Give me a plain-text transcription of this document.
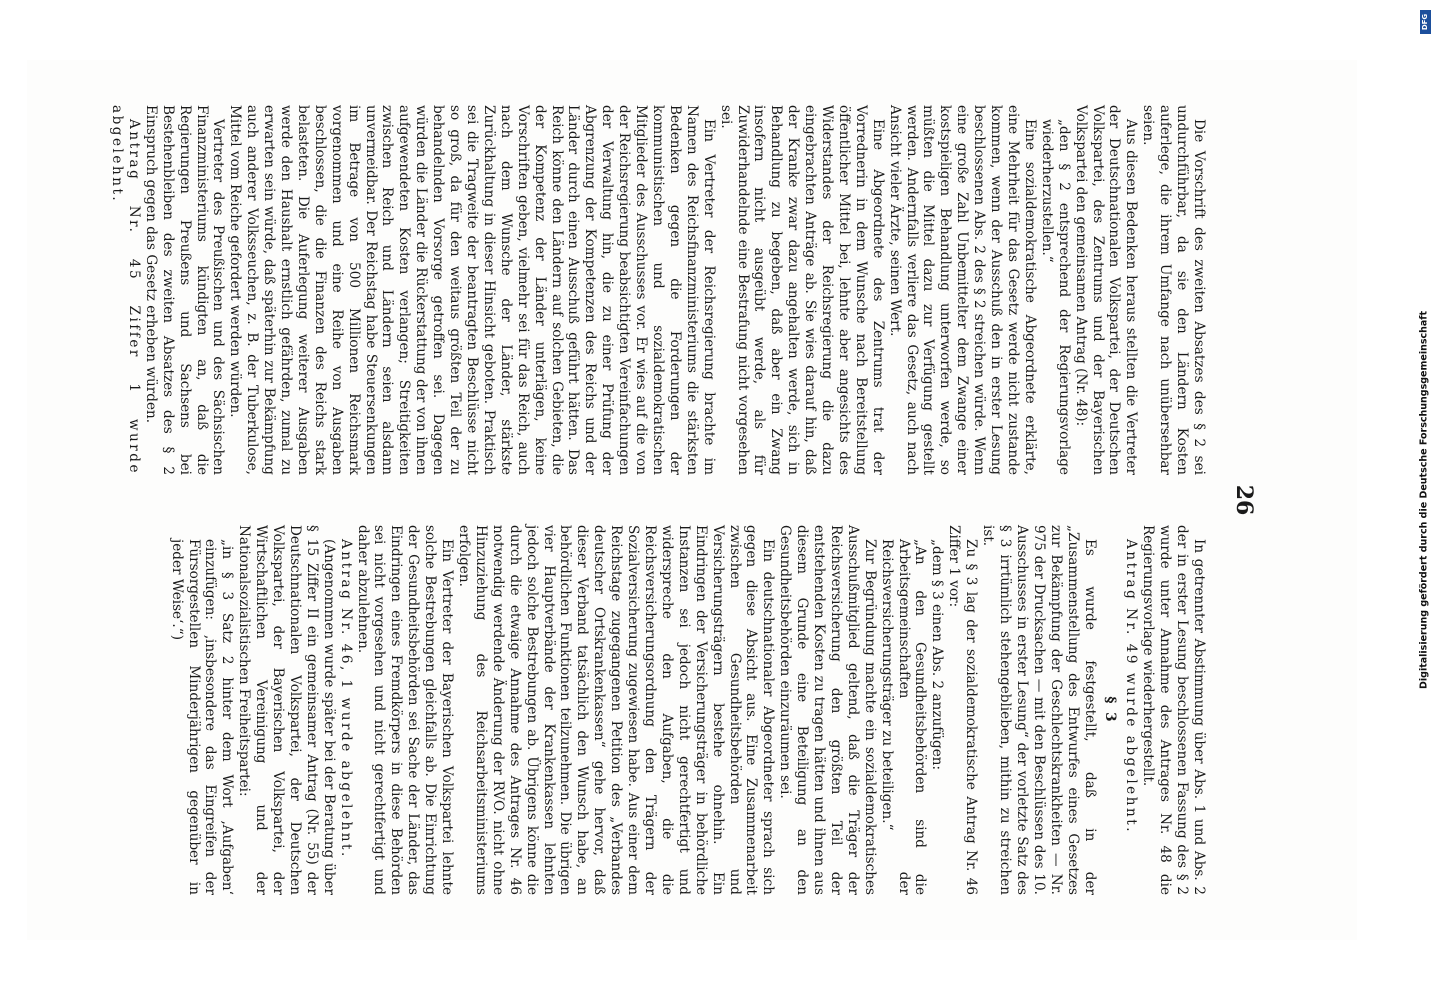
26

Die Vorschrift des zweiten Absatzes des § 2 sei undurchführbar, da sie den Ländern Kosten auferlege, die ihrem Umfange nach unübersehbar seien.

Aus diesen Bedenken heraus stellten die Vertreter der Deutschnationalen Volkspartei, der Deutschen Volkspartei, des Zentrums und der Bayerischen Volkspartei den gemeinsamen Antrag (Nr. 48):

„den § 2 entsprechend der Regierungsvorlage wiederherzustellen.“

Eine sozialdemokratische Abgeordnete erklärte, eine Mehrheit für das Gesetz werde nicht zustande kommen, wenn der Ausschuß den in erster Lesung beschlossenen Abs. 2 des § 2 streichen würde. Wenn eine große Zahl Unbemittelter dem Zwange einer kostspieligen Behandlung unterworfen werde, so müßten die Mittel dazu zur Verfügung gestellt werden. Andernfalls verliere das Gesetz, auch nach Ansicht vieler Ärzte, seinen Wert.

Eine Abgeordnete des Zentrums trat der Vorrednerin in dem Wunsche nach Bereitstellung öffentlicher Mittel bei, lehnte aber angesichts des Widerstandes der Reichsregierung die dazu eingebrachten Anträge ab. Sie wies darauf hin, daß der Kranke zwar dazu angehalten werde, sich in Behandlung zu begeben, daß aber ein Zwang insofern nicht ausgeübt werde, als für Zuwiderhandelnde eine Bestrafung nicht vorgesehen sei.

Ein Vertreter der Reichsregierung brachte im Namen des Reichsfinanzministeriums die stärksten Bedenken gegen die Forderungen der kommunistischen und sozialdemokratischen Mitglieder des Ausschusses vor. Er wies auf die von der Reichsregierung beabsichtigten Vereinfachungen der Verwaltung hin, die zu einer Prüfung der Abgrenzung der Kompetenzen des Reichs und der Länder durch einen Ausschuß geführt hätten. Das Reich könne den Ländern auf solchen Gebieten, die der Kompetenz der Länder unterlägen, keine Vorschriften geben, vielmehr sei für das Reich, auch nach dem Wunsche der Länder, stärkste Zurückhaltung in dieser Hinsicht geboten. Praktisch sei die Tragweite der beantragten Beschlüsse nicht so groß, da für den weitaus größten Teil der zu behandelnden Vorsorge getroffen sei. Dagegen würden die Länder die Rückerstattung der von ihnen aufgewendeten Kosten verlangen; Streitigkeiten zwischen Reich und Ländern seien alsdann unvermeidbar. Der Reichstag habe Steuersenkungen im Betrage von 500 Millionen Reichsmark vorgenommen und eine Reihe von Ausgaben beschlossen, die die Finanzen des Reichs stark belasteten. Die Auferlegung weiterer Ausgaben werde den Haushalt ernstlich gefährden, zumal zu erwarten sein würde, daß späterhin zur Bekämpfung auch anderer Volksseuchen, z. B. der Tuberkulose, Mittel vom Reiche gefordert werden würden.

Vertreter des Preußischen und des Sächsischen Finanzministeriums kündigten an, daß die Regierungen Preußens und Sachsens bei Bestehenbleiben des zweiten Absatzes des § 2 Einspruch gegen das Gesetz erheben würden.

Antrag Nr. 45 Ziffer 1 wurde abgelehnt.

In getrennter Abstimmung über Abs. 1 und Abs. 2 der in erster Lesung beschlossenen Fassung des § 2 wurde unter Annahme des Antrages Nr. 48 die Regierungsvorlage wiederhergestellt.

Antrag Nr. 49 wurde abgelehnt.

§ 3

Es wurde festgestellt, daß in der „Zusammenstellung des Entwurfes eines Gesetzes zur Bekämpfung der Geschlechtskrankheiten — Nr. 975 der Drucksachen — mit den Beschlüssen des 10. Ausschusses in erster Lesung“ der vorletzte Satz des § 3 irrtümlich stehengeblieben, mithin zu streichen ist.

Zu § 3 lag der sozialdemokratische Antrag Nr. 46 Ziffer 1 vor:

„dem § 3 einen Abs. 2 anzufügen:

„An den Gesundheitsbehörden sind die Arbeitsgemeinschaften der Reichsversicherungsträger zu beteiligen.“

Zur Begründung machte ein sozialdemokratisches Ausschußmitglied geltend, daß die Träger der Reichsversicherung den größten Teil der entstehenden Kosten zu tragen hätten und ihnen aus diesem Grunde eine Beteiligung an den Gesundheitsbehörden einzuräumen sei.

Ein deutschnationaler Abgeordneter sprach sich gegen diese Absicht aus. Eine Zusammenarbeit zwischen Gesundheitsbehörden und Versicherungsträgern bestehe ohnehin. Ein Eindringen der Versicherungsträger in behördliche Instanzen sei jedoch nicht gerechtfertigt und widerspreche den Aufgaben, die die Reichsversicherungsordnung den Trägern der Sozialversicherung zugewiesen habe. Aus einer dem Reichstage zugegangenen Petition des „Verbandes deutscher Ortskrankenkassen“ gehe hervor, daß dieser Verband tatsächlich den Wunsch habe, an behördlichen Funktionen teilzunehmen. Die übrigen vier Hauptverbände der Krankenkassen lehnten jedoch solche Bestrebungen ab. Übrigens könne die durch die etwaige Annahme des Antrages Nr. 46 notwendig werdende Änderung der RVO. nicht ohne Hinzuziehung des Reichsarbeitsministeriums erfolgen.

Ein Vertreter der Bayerischen Volkspartei lehnte solche Bestrebungen gleichfalls ab. Die Einrichtung der Gesundheitsbehörden sei Sache der Länder, das Eindringen eines Fremdkörpers in diese Behörden sei nicht vorgesehen und nicht gerechtfertigt und daher abzulehnen.

Antrag Nr. 46, 1 wurde abgelehnt.

(Angenommen wurde später bei der Beratung über § 15 Ziffer II ein gemeinsamer Antrag (Nr. 55) der Deutschnationalen Volkspartei, der Deutschen Volkspartei, der Bayerischen Volkspartei, der Wirtschaftlichen Vereinigung und der Nationalsozialistischen Freiheitspartei:

„in § 3 Satz 2 hinter dem Wort ‚Aufgaben‘ einzufügen: ‚insbesondere das Eingreifen der Fürsorgestellen Minderjährigen gegenüber in jeder Weise‘.“)	Digitalisierung gefördert durch die Deutsche Forschungsgemeinschaft
DFG
